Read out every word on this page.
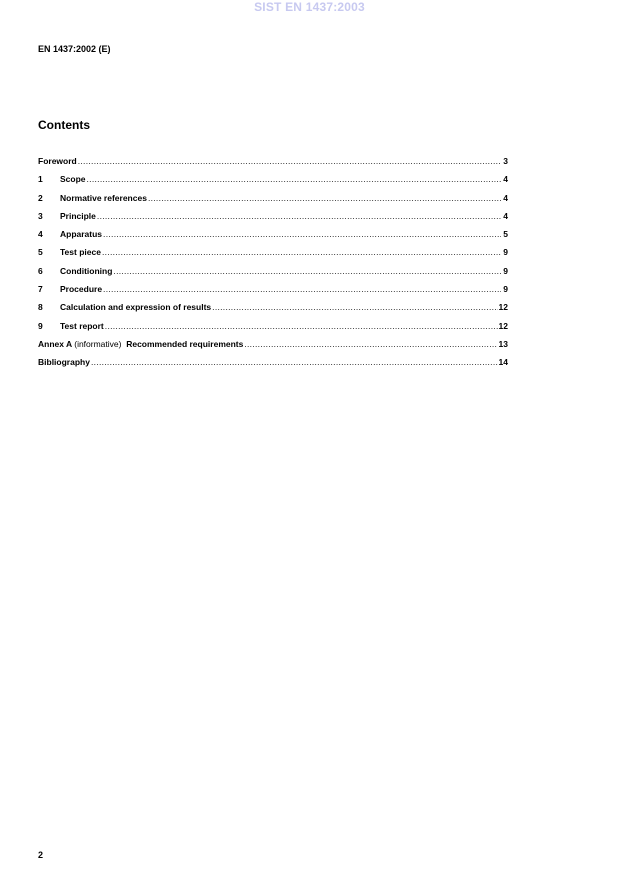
SIST EN 1437:2003
EN 1437:2002 (E)
Contents
Foreword .....	3
1	Scope .....	4
2	Normative references .....	4
3	Principle .....	4
4	Apparatus .....	5
5	Test piece .....	9
6	Conditioning .....	9
7	Procedure .....	9
8	Calculation and expression of results .....	12
9	Test report .....	12
Annex A (informative) Recommended requirements .....	13
Bibliography .....	14
2
